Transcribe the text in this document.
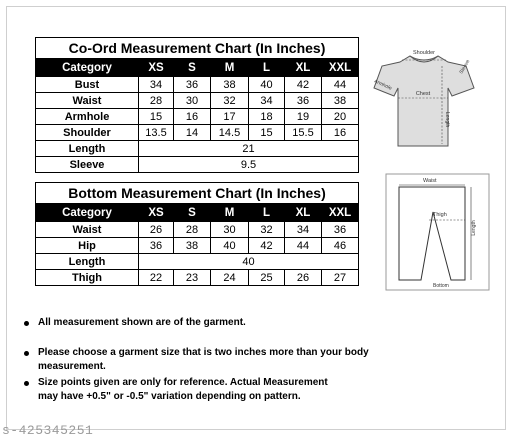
Co-Ord Measurement Chart (In Inches)						
Category	XS	S	M	L	XL	XXL
Bust	34	36	38	40	42	44
Waist	28	30	32	34	36	38
Armhole	15	16	17	18	19	20
Shoulder	13.5	14	14.5	15	15.5	16
Length	21					
Sleeve	9.5					
Bottom Measurement Chart (In Inches)						
Category	XS	S	M	L	XL	XXL
Waist	26	28	30	32	34	36
Hip	36	38	40	42	44	46
Length	40					
Thigh	22	23	24	25	26	27
Shoulder
Sleeve
Armhole
Chest
Length
Waist
Thigh
Length
Bottom
All measurement shown are of the garment.
Please choose a garment size that is two inches more than your body measurement.
Size points given are only for reference. Actual Measurement      may have +0.5" or -0.5" variation depending on pattern.
s-425345251
